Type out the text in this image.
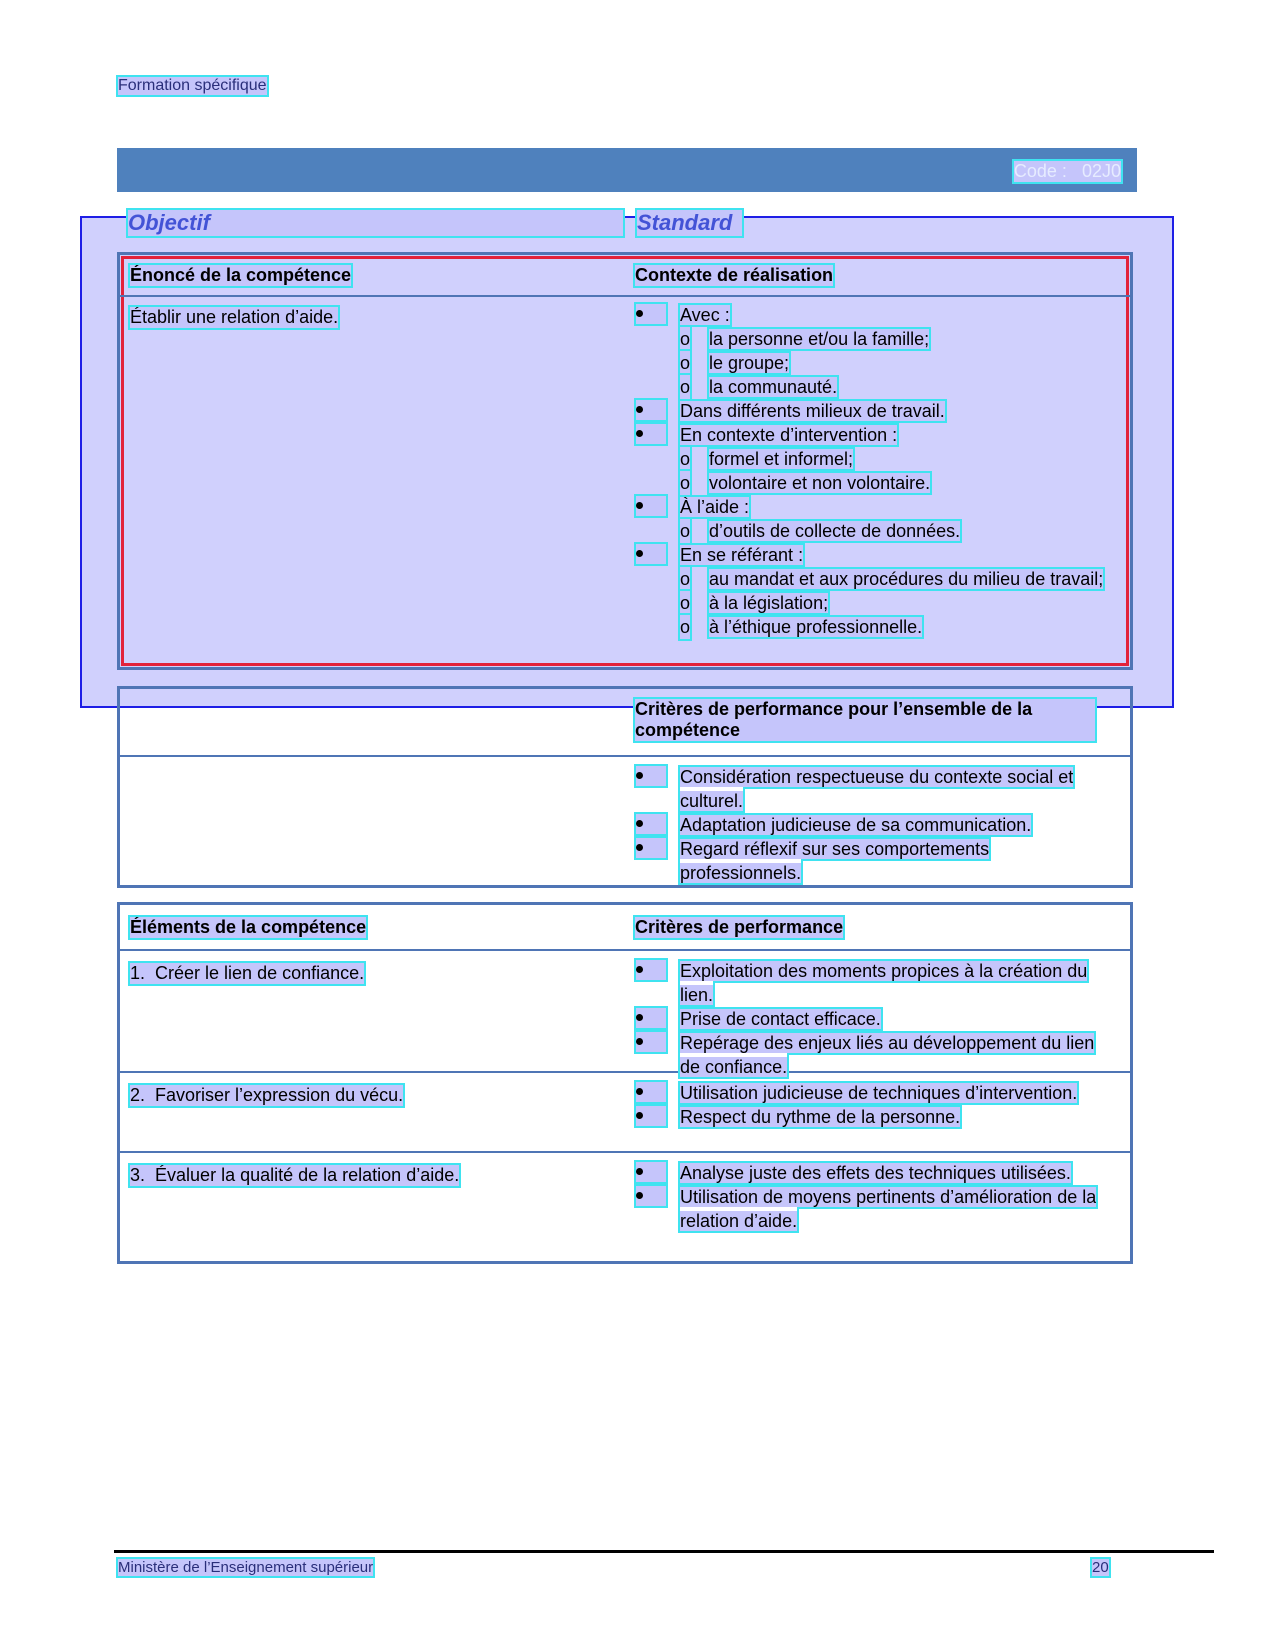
Formation spécifique
Code : 02J0
Objectif	Standard
Énoncé de la compétence	Contexte de réalisation
Établir une relation d’aide.	Avec :
o la personne et/ou la famille;
o le groupe;
o la communauté.
Dans différents milieux de travail.
En contexte d’intervention :
o formel et informel;
o volontaire et non volontaire.
À l’aide :
o d’outils de collecte de données.
En se référant :
o au mandat et aux procédures du milieu de travail;
o à la législation;
o à l’éthique professionnelle.
Critères de performance pour l’ensemble de la compétence
Considération respectueuse du contexte social et culturel.
Adaptation judicieuse de sa communication.
Regard réflexif sur ses comportements professionnels.
Éléments de la compétence	Critères de performance
1. Créer le lien de confiance.	Exploitation des moments propices à la création du lien.
Prise de contact efficace.
Repérage des enjeux liés au développement du lien de confiance.
2. Favoriser l’expression du vécu.	Utilisation judicieuse de techniques d’intervention.
Respect du rythme de la personne.
3. Évaluer la qualité de la relation d’aide.	Analyse juste des effets des techniques utilisées.
Utilisation de moyens pertinents d’amélioration de la relation d’aide.
Ministère de l’Enseignement supérieur	20
